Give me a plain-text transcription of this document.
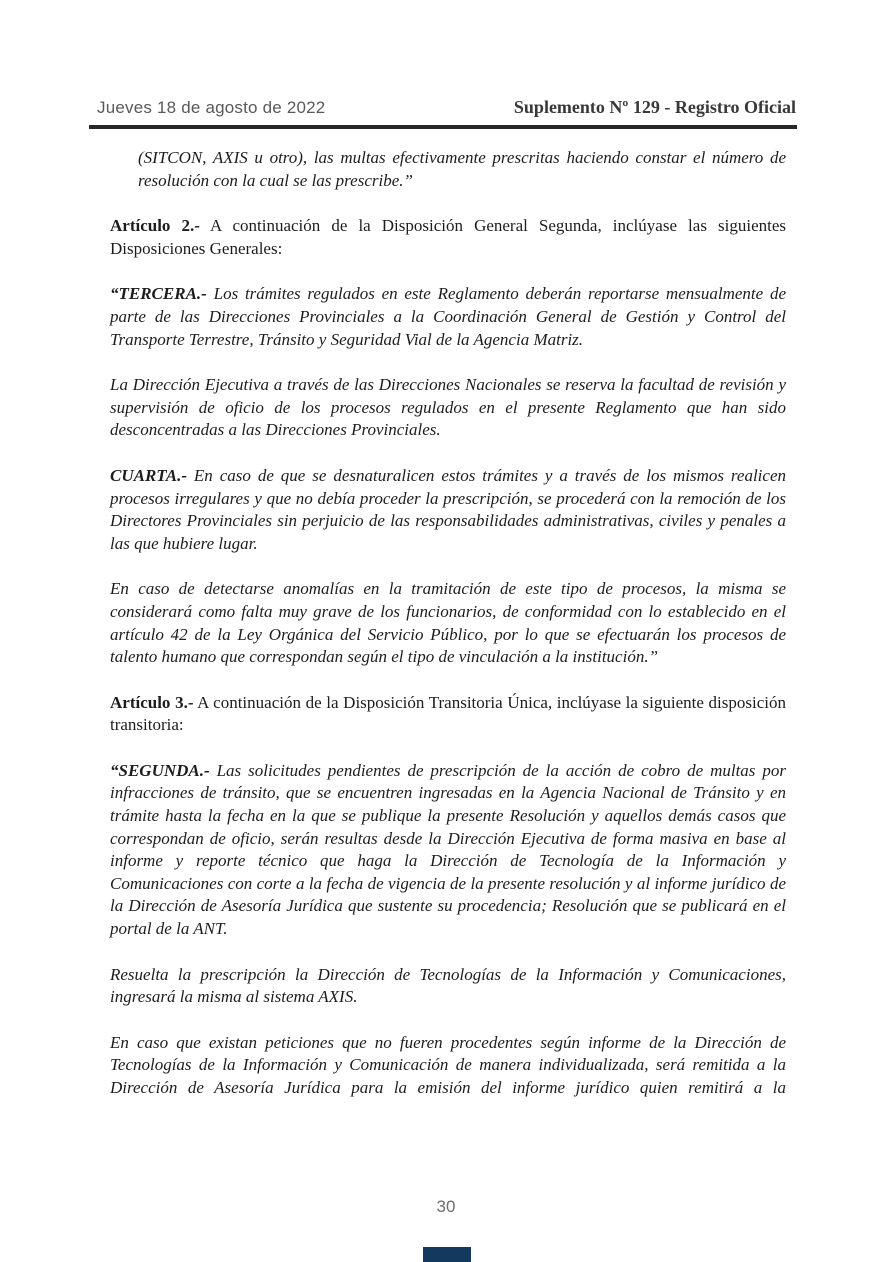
Jueves 18 de agosto de 2022	Suplemento Nº 129 - Registro Oficial

(SITCON, AXIS u otro), las multas efectivamente prescritas haciendo constar el número de resolución con la cual se las prescribe.”

Artículo 2.- A continuación de la Disposición General Segunda, inclúyase las siguientes Disposiciones Generales:

“TERCERA.- Los trámites regulados en este Reglamento deberán reportarse mensualmente de parte de las Direcciones Provinciales a la Coordinación General de Gestión y Control del Transporte Terrestre, Tránsito y Seguridad Vial de la Agencia Matriz.

La Dirección Ejecutiva a través de las Direcciones Nacionales se reserva la facultad de revisión y supervisión de oficio de los procesos regulados en el presente Reglamento que han sido desconcentradas a las Direcciones Provinciales.

CUARTA.- En caso de que se desnaturalicen estos trámites y a través de los mismos realicen procesos irregulares y que no debía proceder la prescripción, se procederá con la remoción de los Directores Provinciales sin perjuicio de las responsabilidades administrativas, civiles y penales a las que hubiere lugar.

En caso de detectarse anomalías en la tramitación de este tipo de procesos, la misma se considerará como falta muy grave de los funcionarios, de conformidad con lo establecido en el artículo 42 de la Ley Orgánica del Servicio Público, por lo que se efectuarán los procesos de talento humano que correspondan según el tipo de vinculación a la institución.”

Artículo 3.- A continuación de la Disposición Transitoria Única, inclúyase la siguiente disposición transitoria:

“SEGUNDA.- Las solicitudes pendientes de prescripción de la acción de cobro de multas por infracciones de tránsito, que se encuentren ingresadas en la Agencia Nacional de Tránsito y en trámite hasta la fecha en la que se publique la presente Resolución y aquellos demás casos que correspondan de oficio, serán resultas desde la Dirección Ejecutiva de forma masiva en base al informe y reporte técnico que haga la Dirección de Tecnología de la Información y Comunicaciones con corte a la fecha de vigencia de la presente resolución y al informe jurídico de la Dirección de Asesoría Jurídica que sustente su procedencia; Resolución que se publicará en el portal de la ANT.

Resuelta la prescripción la Dirección de Tecnologías de la Información y Comunicaciones, ingresará la misma al sistema AXIS.

En caso que existan peticiones que no fueren procedentes según informe de la Dirección de Tecnologías de la Información y Comunicación de manera individualizada, será remitida a la Dirección de Asesoría Jurídica para la emisión del informe jurídico quien remitirá a la

30
